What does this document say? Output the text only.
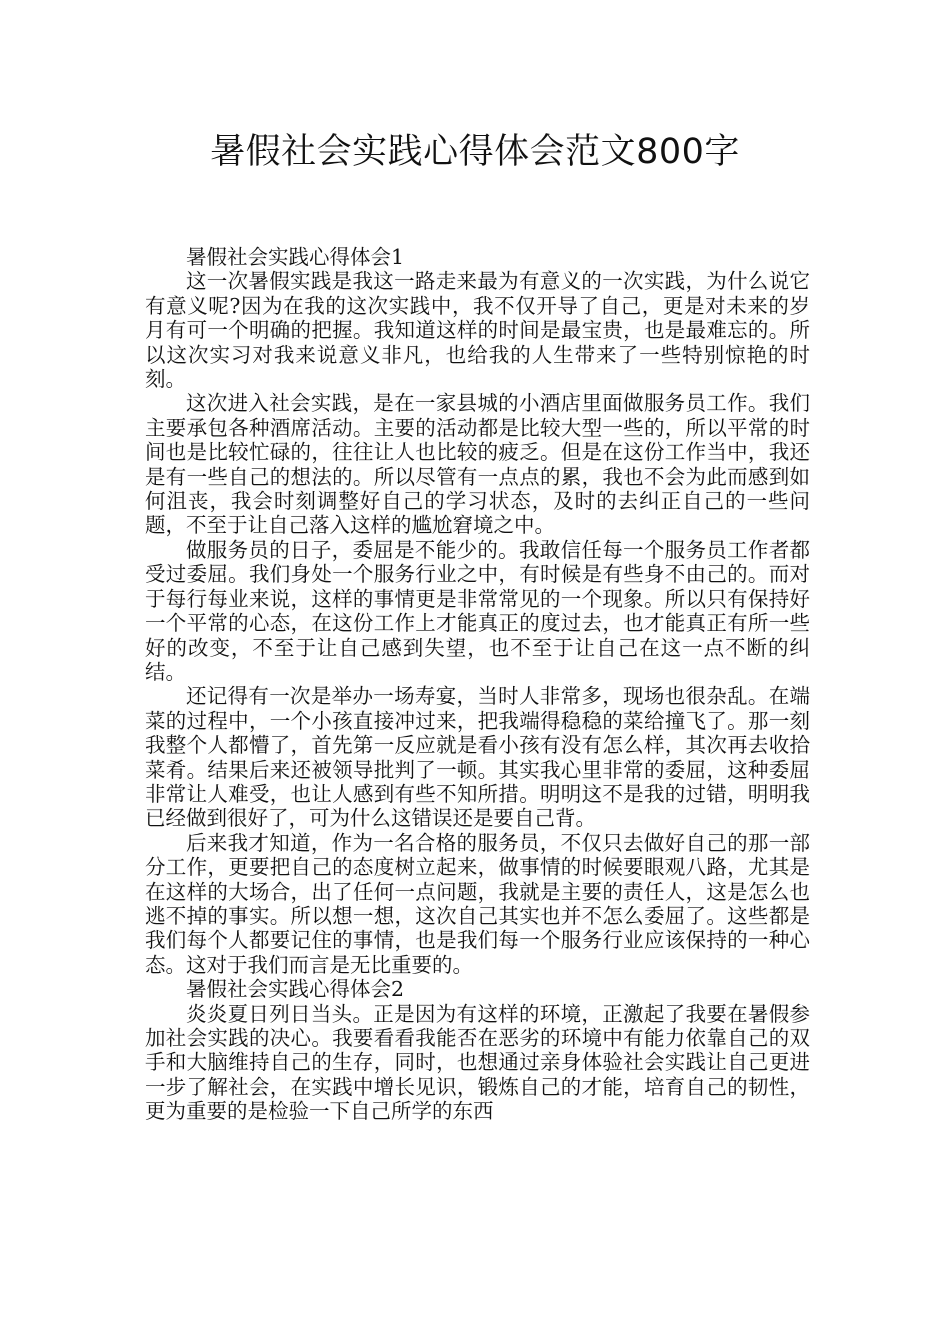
暑假社会实践心得体会范文800字

暑假社会实践心得体会1

这一次暑假实践是我这一路走来最为有意义的一次实践，为什么说它有意义呢?因为在我的这次实践中，我不仅开导了自己，更是对未来的岁月有可一个明确的把握。我知道这样的时间是最宝贵，也是最难忘的。所以这次实习对我来说意义非凡，也给我的人生带来了一些特别惊艳的时刻。

这次进入社会实践，是在一家县城的小酒店里面做服务员工作。我们主要承包各种酒席活动。主要的活动都是比较大型一些的，所以平常的时间也是比较忙碌的，往往让人也比较的疲乏。但是在这份工作当中，我还是有一些自己的想法的。所以尽管有一点点的累，我也不会为此而感到如何沮丧，我会时刻调整好自己的学习状态，及时的去纠正自己的一些问题，不至于让自己落入这样的尴尬窘境之中。

做服务员的日子，委屈是不能少的。我敢信任每一个服务员工作者都受过委屈。我们身处一个服务行业之中，有时候是有些身不由己的。而对于每行每业来说，这样的事情更是非常常见的一个现象。所以只有保持好一个平常的心态，在这份工作上才能真正的度过去，也才能真正有所一些好的改变，不至于让自己感到失望，也不至于让自己在这一点不断的纠结。

还记得有一次是举办一场寿宴，当时人非常多，现场也很杂乱。在端菜的过程中，一个小孩直接冲过来，把我端得稳稳的菜给撞飞了。那一刻我整个人都懵了，首先第一反应就是看小孩有没有怎么样，其次再去收拾菜肴。结果后来还被领导批判了一顿。其实我心里非常的委屈，这种委屈非常让人难受，也让人感到有些不知所措。明明这不是我的过错，明明我已经做到很好了，可为什么这错误还是要自己背。

后来我才知道，作为一名合格的服务员，不仅只去做好自己的那一部分工作，更要把自己的态度树立起来，做事情的时候要眼观八路，尤其是在这样的大场合，出了任何一点问题，我就是主要的责任人，这是怎么也逃不掉的事实。所以想一想，这次自己其实也并不怎么委屈了。这些都是我们每个人都要记住的事情，也是我们每一个服务行业应该保持的一种心态。这对于我们而言是无比重要的。

暑假社会实践心得体会2

炎炎夏日列日当头。正是因为有这样的环境，正激起了我要在暑假参加社会实践的决心。我要看看我能否在恶劣的环境中有能力依靠自己的双手和大脑维持自己的生存，同时，也想通过亲身体验社会实践让自己更进一步了解社会，在实践中增长见识，锻炼自己的才能，培育自己的韧性，更为重要的是检验一下自己所学的东西
